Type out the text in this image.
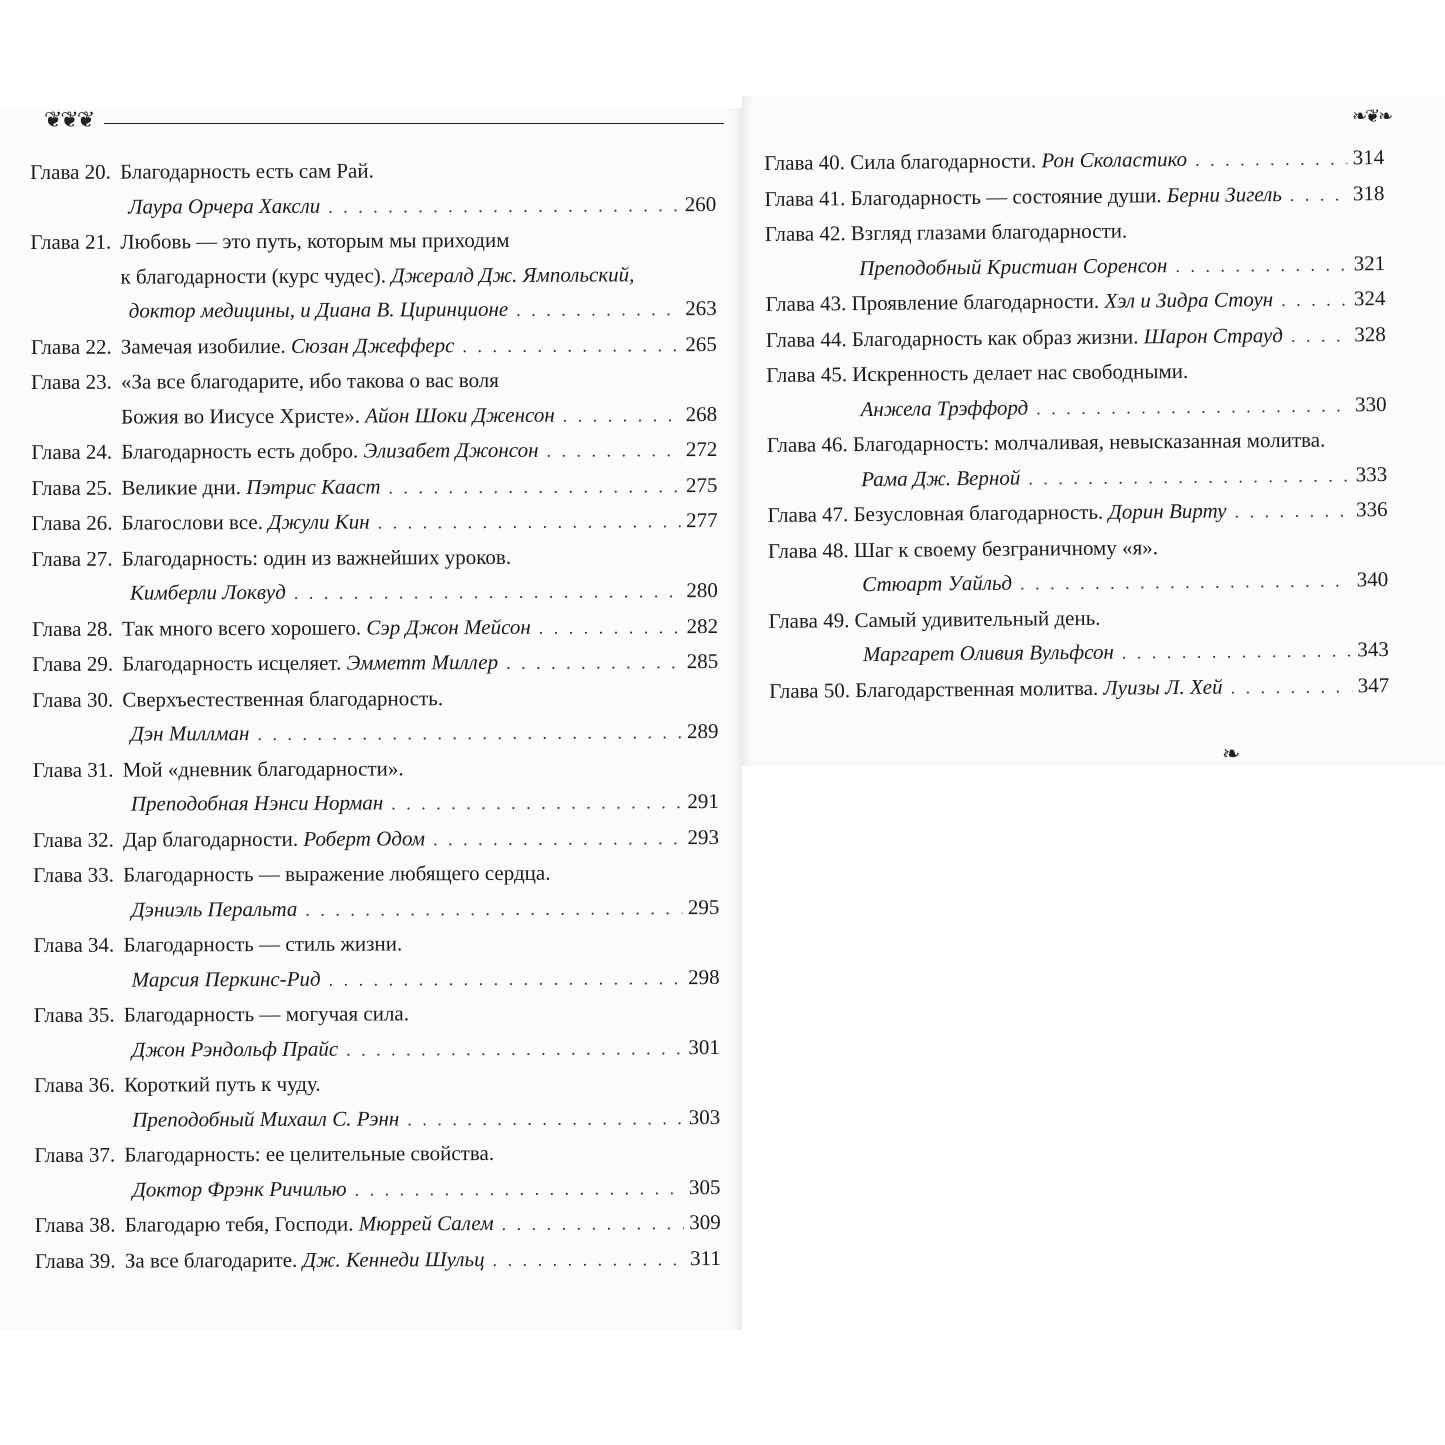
❦❦❦	❧❦❧
❧
Глава 20. Благодарность есть сам Рай.
Лаура Орчера Хаксли . . .	260
Глава 21. Любовь — это путь, которым мы приходим
к благодарности (курс чудес). Джералд Дж. Ямпольский,
доктор медицины, и Диана В. Циринционе . . .	263
Глава 22. Замечая изобилие. Сюзан Джефферс . . .	265
Глава 23. «За все благодарите, ибо такова о вас воля
Божия во Иисусе Христе». Айон Шоки Дженсон . . .	268
Глава 24. Благодарность есть добро. Элизабет Джонсон . . .	272
Глава 25. Великие дни. Пэтрис Кааст . . .	275
Глава 26. Благослови все. Джули Кин . . .	277
Глава 27. Благодарность: один из важнейших уроков.
Кимберли Локвуд . . .	280
Глава 28. Так много всего хорошего. Сэр Джон Мейсон . . .	282
Глава 29. Благодарность исцеляет. Эмметт Миллер . . .	285
Глава 30. Сверхъестественная благодарность.
Дэн Миллман . . .	289
Глава 31. Мой «дневник благодарности».
Преподобная Нэнси Норман . . .	291
Глава 32. Дар благодарности. Роберт Одом . . .	293
Глава 33. Благодарность — выражение любящего сердца.
Дэниэль Перальта . . .	295
Глава 34. Благодарность — стиль жизни.
Марсия Перкинс-Рид . . .	298
Глава 35. Благодарность — могучая сила.
Джон Рэндольф Прайс . . .	301
Глава 36. Короткий путь к чуду.
Преподобный Михаил С. Рэнн . . .	303
Глава 37. Благодарность: ее целительные свойства.
Доктор Фрэнк Ричилью . . .	305
Глава 38. Благодарю тебя, Господи. Мюррей Салем . . .	309
Глава 39. За все благодарите. Дж. Кеннеди Шульц . . .	311
Глава 40. Сила благодарности. Рон Сколастико . . .	314
Глава 41. Благодарность — состояние души. Берни Зигель . . .	318
Глава 42. Взгляд глазами благодарности.
Преподобный Кристиан Соренсон . . .	321
Глава 43. Проявление благодарности. Хэл и Зидра Стоун . . .	324
Глава 44. Благодарность как образ жизни. Шарон Страуд . . .	328
Глава 45. Искренность делает нас свободными.
Анжела Трэффорд . . .	330
Глава 46. Благодарность: молчаливая, невысказанная молитва.
Рама Дж. Верной . . .	333
Глава 47. Безусловная благодарность. Дорин Вирту . . .	336
Глава 48. Шаг к своему безграничному «я».
Стюарт Уайльд . . .	340
Глава 49. Самый удивительный день.
Маргарет Оливия Вульфсон . . .	343
Глава 50. Благодарственная молитва. Луизы Л. Хей . . .	347
